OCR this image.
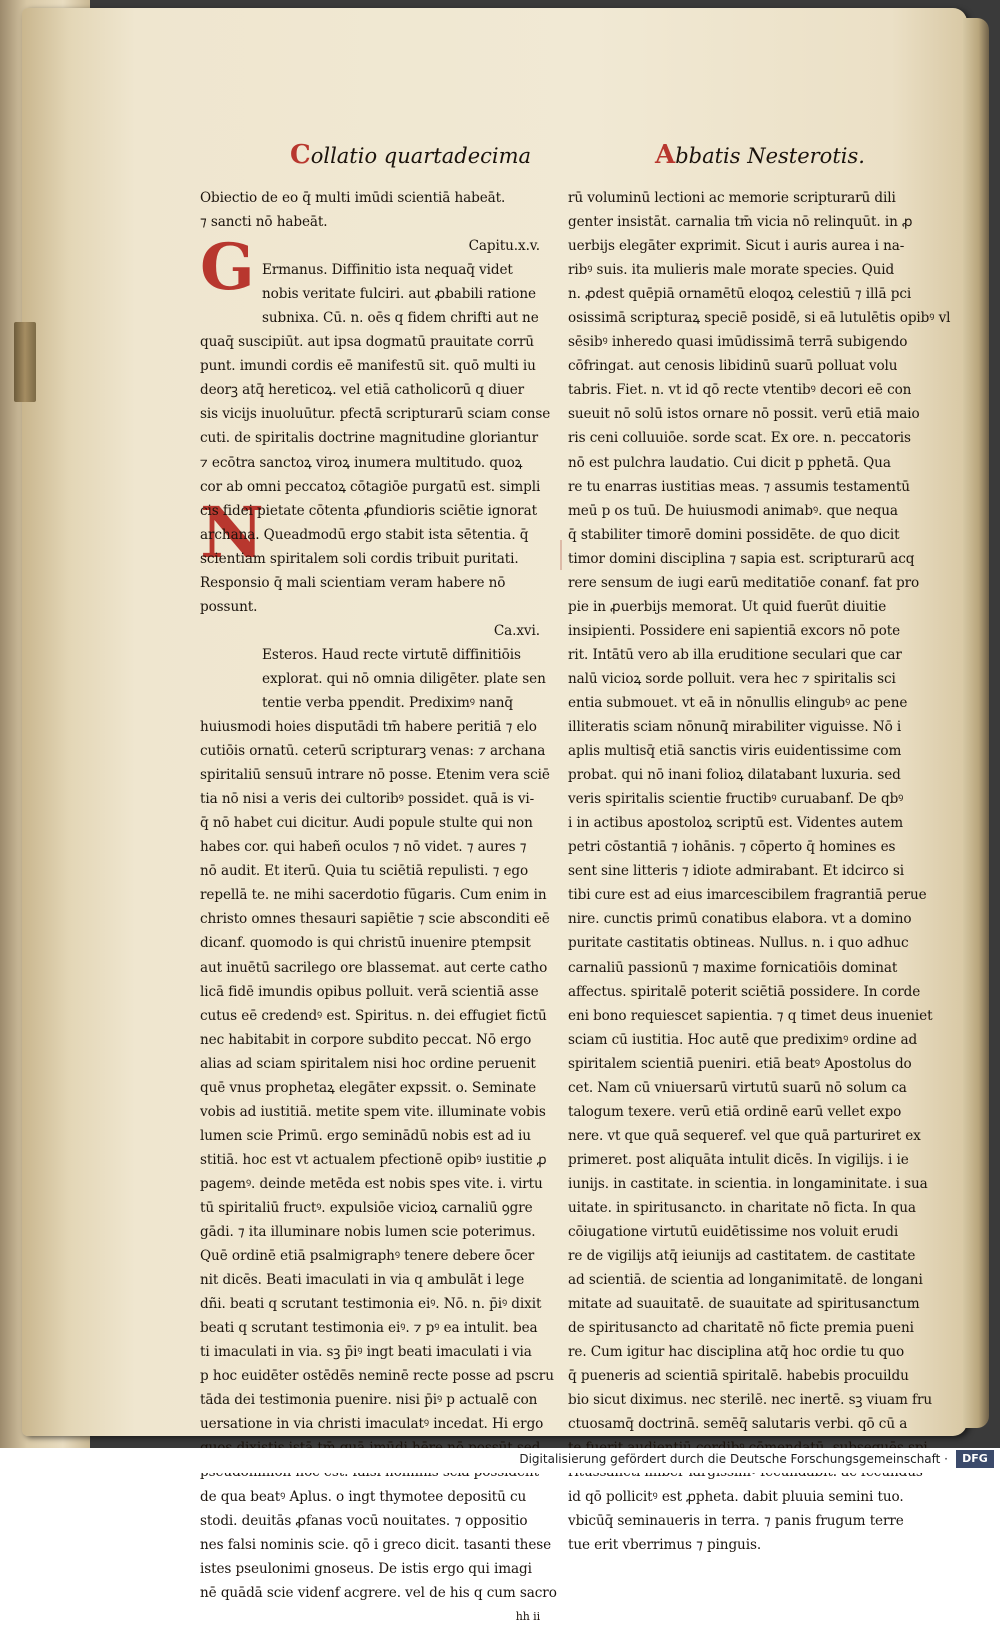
Collatio quartadecima	Abbatis Nesterotis.
G
N
Obiectio de eo q̄ multi imūdi scientiā habeāt.
⁊ sancti nō habeāt.
Capitu.x.v.
Ermanus. Diffinitio ista nequaq̄ videt
nobis veritate fulciri. aut ꝓbabili ratione
subnixa. Cū. n. oēs q fidem chrifti aut ne
quaq̄ suscipiūt. aut ipsa dogmatū prauitate corrū
punt. imundi cordis eē manifestū sit. quō multi iu
deorꝫ atq̄ hereticoꝝ. vel etiā catholicorū q diuer
sis vicijs inuoluūtur. pfectā scripturarū sciam conse
cuti. de spiritalis doctrine magnitudine gloriantur
⁊ ecōtra sanctoꝝ viroꝝ inumera multitudo. quoꝝ
cor ab omni peccatoꝝ cōtagiōe purgatū est. simpli
cis fidei pietate cōtenta ꝓfundioris sciētie ignorat
archana. Queadmodū ergo stabit ista sētentia. q̄
scientiam spiritalem soli cordis tribuit puritati.
Responsio q̄ mali scientiam veram habere nō
possunt.
Ca.xvi.
Esteros. Haud recte virtutē diffinitiōis
explorat. qui nō omnia diligēter. plate sen
tentie verba ppendit. Prediximꝰ nanq̄
huiusmodi hoies disputādi tm̄ habere peritiā ⁊ elo
cutiōis ornatū. ceterū scripturarꝫ venas: ⁊ archana
spiritaliū sensuū intrare nō posse. Etenim vera sciē
tia nō nisi a veris dei cultoribꝰ possidet. quā is vi-
q̄ nō habet cui dicitur. Audi popule stulte qui non
habes cor. qui habeñ oculos ⁊ nō videt. ⁊ aures ⁊
nō audit. Et iterū. Quia tu sciētiā repulisti. ⁊ ego
repellā te. ne mihi sacerdotio fūgaris. Cum enim in
christo omnes thesauri sapiētie ⁊ scie absconditi eē
dicanf. quomodo is qui christū inuenire ptempsit
aut inuētū sacrilego ore blassemat. aut certe catho
licā fidē imundis opibus polluit. verā scientiā asse
cutus eē credendꝰ est. Spiritus. n. dei effugiet fictū
nec habitabit in corpore subdito peccat. Nō ergo
alias ad sciam spiritalem nisi hoc ordine peruenit
quē vnus prophetaꝝ elegāter expssit. o. Seminate
vobis ad iustitiā. metite spem vite. illuminate vobis
lumen scie Primū. ergo seminādū nobis est ad iu
stitiā. hoc est vt actualem pfectionē opibꝰ iustitie ꝓ
pagemꝰ. deinde metēda est nobis spes vite. i. virtu
tū spiritaliū fructꝰ. expulsiōe vicioꝝ carnaliū ꝯgre
gādi. ⁊ ita illuminare nobis lumen scie poterimus.
Quē ordinē etiā psalmigraphꝰ tenere debere ōcer
nit dicēs. Beati imaculati in via q ambulāt i lege
dñi. beati q scrutant testimonia eiꝰ. Nō. n. p̄iꝰ dixit
beati q scrutant testimonia eiꝰ. ⁊ pꝰ ea intulit. bea
ti imaculati in via. sꝫ p̄iꝰ ingt beati imaculati i via
p hoc euidēter ostēdēs neminē recte posse ad pscru
tāda dei testimonia puenire. nisi p̄iꝰ p actualē con
uersatione in via christi imaculatꝰ incedat. Hi ergo
de qua beatꝰ Aplus. o ingt thymotee depositū cu
stodi. deuitās ꝓfanas vocū nouitates. ⁊ oppositio
nes falsi nominis scie. qō i greco dicit. tasanti these
istes pseulonimi gnoseus. De istis ergo qui imagi
nē quādā scie videnf acgrere. vel de his q cum sacro
hh ii
rū voluminū lectioni ac memorie scripturarū dili
genter insistāt. carnalia tm̄ vicia nō relinquūt. in ꝓ
uerbijs elegāter exprimit. Sicut i auris aurea i na-
ribꝰ suis. ita mulieris male morate species. Quid
n. ꝓdest quēpiā ornamētū eloqoꝝ celestiū ⁊ illā pci
osissimā scripturaꝝ speciē posidē, si eā lutulētis opibꝰ vl
sēsibꝰ inheredo quasi imūdissimā terrā subigendo
cōfringat. aut cenosis libidinū suarū polluat volu
tabris. Fiet. n. vt id qō recte vtentibꝰ decori eē con
sueuit nō solū istos ornare nō possit. verū etiā maio
ris ceni colluuiōe. sorde scat. Ex ore. n. peccatoris
nō est pulchra laudatio. Cui dicit p pphetā. Qua
re tu enarras iustitias meas. ⁊ assumis testamentū
meū p os tuū. De huiusmodi animabꝰ. que nequa
q̄ stabiliter timorē domini possidēte. de quo dicit
timor domini disciplina ⁊ sapia est. scripturarū acq
rere sensum de iugi earū meditatiōe conanf. fat pro
pie in ꝓuerbijs memorat. Ut quid fuerūt diuitie
insipienti. Possidere eni sapientiā excors nō pote
rit. Intātū vero ab illa eruditione seculari que car
nalū vicioꝝ sorde polluit. vera hec ⁊ spiritalis sci
entia submouet. vt eā in nōnullis elingubꝰ ac pene
illiteratis sciam nōnunq̄ mirabiliter viguisse. Nō i
aplis multisq̄ etiā sanctis viris euidentissime com
probat. qui nō inani folioꝝ dilatabant luxuria. sed
veris spiritalis scientie fructibꝰ curuabanf. De qbꝰ
i in actibus apostoloꝝ scriptū est. Videntes autem
petri cōstantiā ⁊ iohānis. ⁊ cōperto q̄ homines es
sent sine litteris ⁊ idiote admirabant. Et idcirco si
tibi cure est ad eius imarcescibilem fragrantiā perue
nire. cunctis primū conatibus elabora. vt a domino
puritate castitatis obtineas. Nullus. n. i quo adhuc
carnaliū passionū ⁊ maxime fornicatiōis dominat
affectus. spiritalē poterit sciētiā possidere. In corde
eni bono requiescet sapientia. ⁊ q timet deus inueniet
sciam cū iustitia. Hoc autē que prediximꝰ ordine ad
spiritalem scientiā pueniri. etiā beatꝰ Apostolus do
cet. Nam cū vniuersarū virtutū suarū nō solum ca
talogum texere. verū etiā ordinē earū vellet expo
nere. vt que quā sequeref. vel que quā parturiret ex
primeret. post aliquāta intulit dicēs. In vigilijs. i ie
iunijs. in castitate. in scientia. in longaminitate. i sua
uitate. in spiritusancto. in charitate nō ficta. In qua
cōiugatione virtutū euidētissime nos voluit erudi
re de vigilijs atq̄ ieiunijs ad castitatem. de castitate
ad scientiā. de scientia ad longanimitatē. de longani
mitate ad suauitatē. de suauitate ad spiritusanctum
de spiritusancto ad charitatē nō ficte premia pueni
re. Cum igitur hac disciplina atq̄ hoc ordie tu quo
q̄ pueneris ad scientiā spiritalē. habebis procuildu
bio sicut diximus. nec sterilē. nec inertē. sꝫ viuam fru
ctuosamq̄ doctrinā. semēq̄ salutaris verbi. qō cū a
id qō pollicitꝰ est ꝓpheta. dabit pluuia semini tuo.
vbicūq̄ seminaueris in terra. ⁊ panis frugum terre
tue erit vberrimus ⁊ pinguis.
Digitalisierung gefördert durch die Deutsche Forschungsgemeinschaft ·	DFG
